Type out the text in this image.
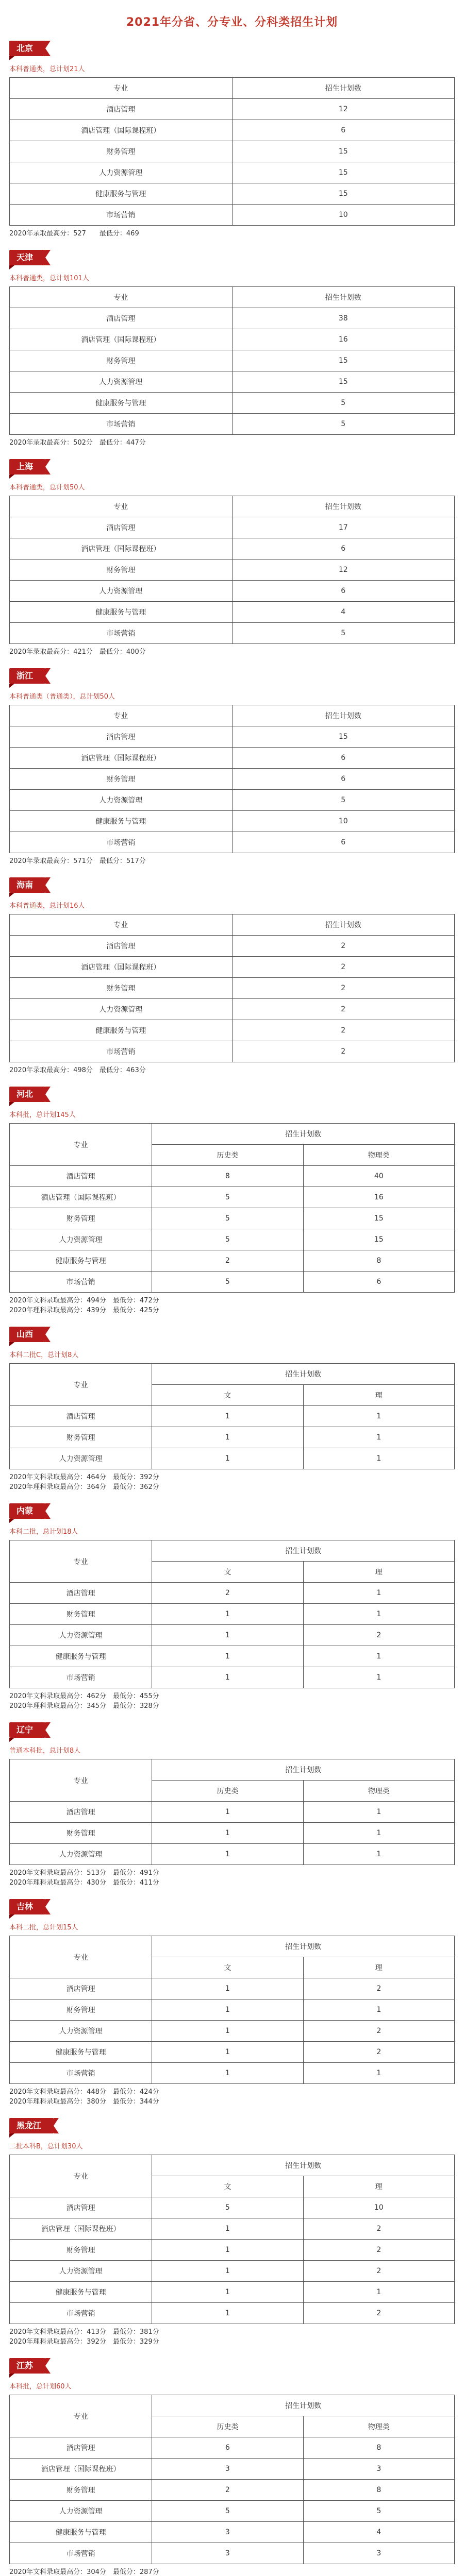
2021年分省、分专业、分科类招生计划
北京
本科普通类，总计划21人
专业	招生计划数
酒店管理	12
酒店管理（国际课程班）	6
财务管理	15
人力资源管理	15
健康服务与管理	15
市场营销	10
2020年录取最高分：527　　最低分：469
天津
本科普通类，总计划101人
专业	招生计划数
酒店管理	38
酒店管理（国际课程班）	16
财务管理	15
人力资源管理	15
健康服务与管理	5
市场营销	5
2020年录取最高分：502分　最低分：447分
上海
本科普通类，总计划50人
专业	招生计划数
酒店管理	17
酒店管理（国际课程班）	6
财务管理	12
人力资源管理	6
健康服务与管理	4
市场营销	5
2020年录取最高分：421分　最低分：400分
浙江
本科普通类（普通类），总计划50人
专业	招生计划数
酒店管理	15
酒店管理（国际课程班）	6
财务管理	6
人力资源管理	5
健康服务与管理	10
市场营销	6
2020年录取最高分：571分　最低分：517分
海南
本科普通类，总计划16人
专业	招生计划数
酒店管理	2
酒店管理（国际课程班）	2
财务管理	2
人力资源管理	2
健康服务与管理	2
市场营销	2
2020年录取最高分：498分　最低分：463分
河北
本科批，总计划145人
专业	招生计划数	
	历史类	物理类
酒店管理	8	40
酒店管理（国际课程班）	5	16
财务管理	5	15
人力资源管理	5	15
健康服务与管理	2	8
市场营销	5	6
2020年文科录取最高分：494分　最低分：472分
2020年理科录取最高分：439分　最低分：425分
山西
本科二批C，总计划8人
专业	招生计划数	
	文	理
酒店管理	1	1
财务管理	1	1
人力资源管理	1	1
2020年文科录取最高分：464分　最低分：392分
2020年理科录取最高分：364分　最低分：362分
内蒙
本科二批，总计划18人
专业	招生计划数	
	文	理
酒店管理	2	1
财务管理	1	1
人力资源管理	1	2
健康服务与管理	1	1
市场营销	1	1
2020年文科录取最高分：462分　最低分：455分
2020年理科录取最高分：345分　最低分：328分
辽宁
普通本科批，总计划8人
专业	招生计划数	
	历史类	物理类
酒店管理	1	1
财务管理	1	1
人力资源管理	1	1
2020年文科录取最高分：513分　最低分：491分
2020年理科录取最高分：430分　最低分：411分
吉林
本科二批，总计划15人
专业	招生计划数	
	文	理
酒店管理	1	2
财务管理	1	1
人力资源管理	1	2
健康服务与管理	1	2
市场营销	1	1
2020年文科录取最高分：448分　最低分：424分
2020年理科录取最高分：380分　最低分：344分
黑龙江
二批本科B，总计划30人
专业	招生计划数	
	文	理
酒店管理	5	10
酒店管理（国际课程班）	1	2
财务管理	1	2
人力资源管理	1	2
健康服务与管理	1	1
市场营销	1	2
2020年文科录取最高分：413分　最低分：381分
2020年理科录取最高分：392分　最低分：329分
江苏
本科批，总计划60人
专业	招生计划数	
	历史类	物理类
酒店管理	6	8
酒店管理（国际课程班）	3	3
财务管理	2	8
人力资源管理	5	5
健康服务与管理	3	4
市场营销	3	3
2020年文科录取最高分：304分　最低分：287分
